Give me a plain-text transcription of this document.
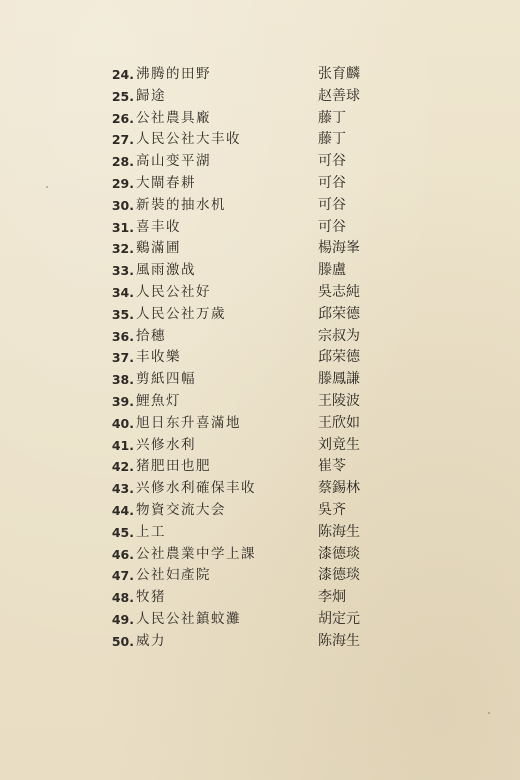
24. 沸腾的田野	张育麟
25. 歸途	赵善球
26. 公社農具廠	藤丁
27. 人民公社大丰收	藤丁
28. 高山变平湖	可谷
29. 大閘春耕	可谷
30. 新裝的抽水机	可谷
31. 喜丰收	可谷
32. 鷄滿圃	楊海峯
33. 風雨激战	滕盧
34. 人民公社好	吳志純
35. 人民公社万歲	邱荣德
36. 拾穗	宗叔为
37. 丰收樂	邱荣德
38. 剪紙四幅	滕鳳謙
39. 鯉魚灯	王陵波
40. 旭日东升喜滿地	王欣如
41. 兴修水利	刘竟生
42. 猪肥田也肥	崔苓
43. 兴修水利確保丰收	蔡錫林
44. 物資交流大会	吳齐
45. 上工	陈海生
46. 公社農業中学上課	漆德琰
47. 公社妇產院	漆德琰
48. 牧猪	李炯
49. 人民公社鎮蚊灘	胡定元
50. 威力	陈海生
